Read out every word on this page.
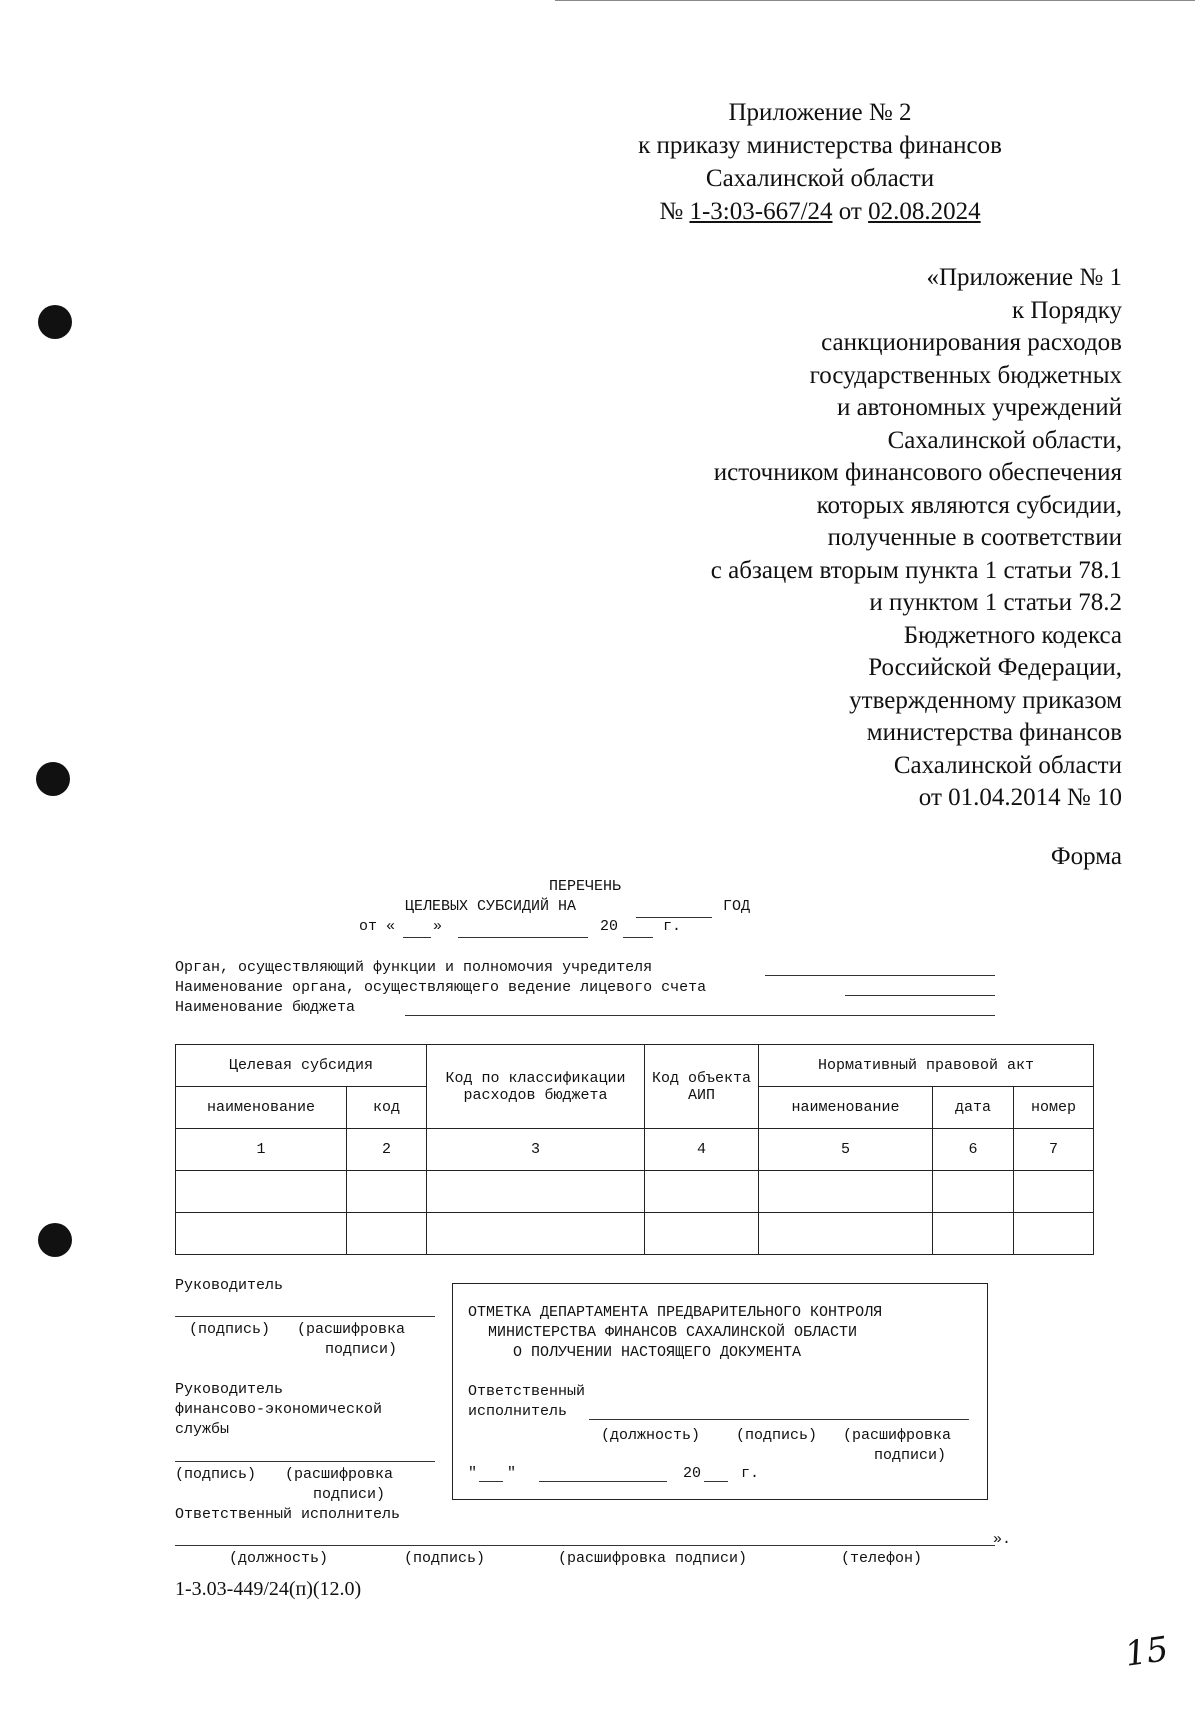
Приложение № 2
к приказу министерства финансов
Сахалинской области
№ 1-3:03-667/24 от 02.08.2024
«Приложение № 1
к Порядку
санкционирования расходов
государственных бюджетных
и автономных учреждений
Сахалинской области,
источником финансового обеспечения
которых являются субсидии,
полученные в соответствии
с абзацем вторым пункта 1 статьи 78.1
и пунктом 1 статьи 78.2
Бюджетного кодекса
Российской Федерации,
утвержденному приказом
министерства финансов
Сахалинской области
от 01.04.2014 № 10
Форма
ПЕРЕЧЕНЬ
ЦЕЛЕВЫХ СУБСИДИЙ НА	ГОД
от «	»	20	г.
Орган, осуществляющий функции и полномочия учредителя
Наименование органа, осуществляющего ведение лицевого счета
Наименование бюджета
Целевая субсидия		Код по классификации расходов бюджета	Код объекта АИП	Нормативный правовой акт		
наименование	код			наименование	дата	номер
1	2	3	4	5	6	7

Руководитель
(подпись) (расшифровка
подписи)
Руководитель
финансово-экономической
службы
(подпись) (расшифровка
подписи)
Ответственный исполнитель
».
(должность)	(подпись)	(расшифровка подписи)	(телефон)
ОТМЕТКА ДЕПАРТАМЕНТА ПРЕДВАРИТЕЛЬНОГО КОНТРОЛЯ
МИНИСТЕРСТВА ФИНАНСОВ САХАЛИНСКОЙ ОБЛАСТИ
О ПОЛУЧЕНИИ НАСТОЯЩЕГО ДОКУМЕНТА
Ответственный
исполнитель
(должность) (подпись) (расшифровка
подписи)
" "	20	г.
1-3.03-449/24(п)(12.0)
15
